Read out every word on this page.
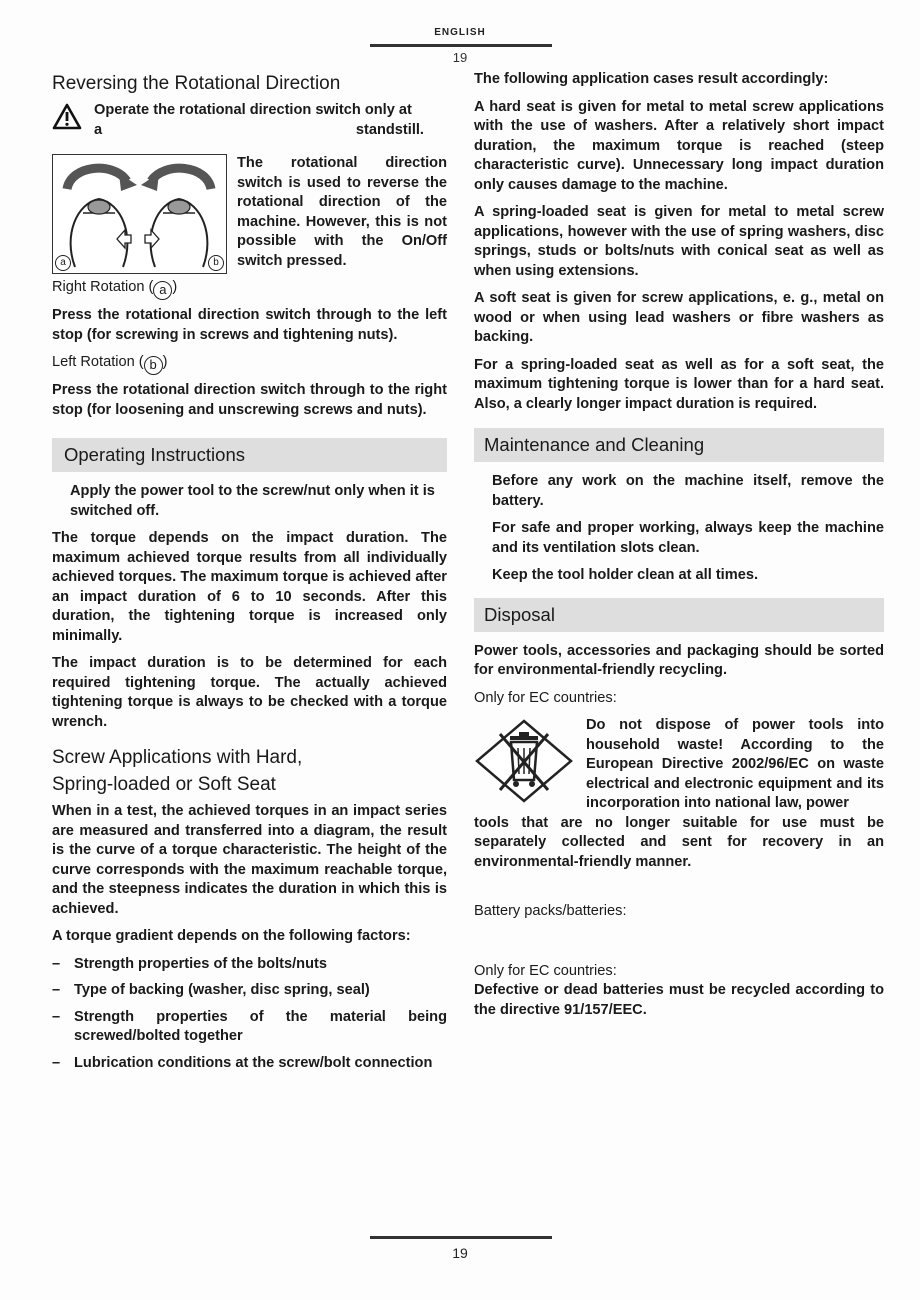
ENGLISH
19
Reversing the Rotational Direction
Operate the rotational direction switch only at a standstill.
a	b

The rotational direction switch is used to reverse the rotational direction of the machine. However, this is not possible with the On/Off switch pressed.

Right Rotation ( a )

Press the rotational direction switch through to the left stop (for screwing in screws and tightening nuts).

Left Rotation ( b )

Press the rotational direction switch through to the right stop (for loosening and unscrewing screws and nuts).

Operating Instructions

Apply the power tool to the screw/nut only when it is switched off.

The torque depends on the impact duration. The maximum achieved torque results from all individually achieved torques. The maximum torque is achieved after an impact duration of 6 to 10 seconds. After this duration, the tightening torque is increased only minimally.

The impact duration is to be determined for each required tightening torque. The actually achieved tightening torque is always to be checked with a torque wrench.

Screw Applications with Hard,
Spring-loaded or Soft Seat

When in a test, the achieved torques in an impact series are measured and transferred into a diagram, the result is the curve of a torque characteristic. The height of the curve corresponds with the maximum reachable torque, and the steepness indicates the duration in which this is achieved.

A torque gradient depends on the following factors:

– Strength properties of the bolts/nuts
– Type of backing (washer, disc spring, seal)
– Strength properties of the material being screwed/bolted together
– Lubrication conditions at the screw/bolt connection

The following application cases result accordingly:

A hard seat is given for metal to metal screw applications with the use of washers. After a relatively short impact duration, the maximum torque is reached (steep characteristic curve). Unnecessary long impact duration only causes damage to the machine.

A spring-loaded seat is given for metal to metal screw applications, however with the use of spring washers, disc springs, studs or bolts/nuts with conical seat as well as when using extensions.

A soft seat is given for screw applications, e. g., metal on wood or when using lead washers or fibre washers as backing.

For a spring-loaded seat as well as for a soft seat, the maximum tightening torque is lower than for a hard seat. Also, a clearly longer impact duration is required.

Maintenance and Cleaning

Before any work on the machine itself, remove the battery.

For safe and proper working, always keep the machine and its ventilation slots clean.

Keep the tool holder clean at all times.

Disposal

Power tools, accessories and packaging should be sorted for environmental-friendly recycling.

Only for EC countries:

Do not dispose of power tools into household waste! According to the European Directive 2002/96/EC on waste electrical and electronic equipment and its incorporation into national law, power

tools that are no longer suitable for use must be separately collected and sent for recovery in an environmental-friendly manner.

Battery packs/batteries:

Only for EC countries:

Defective or dead batteries must be recycled according to the directive 91/157/EEC.

19
